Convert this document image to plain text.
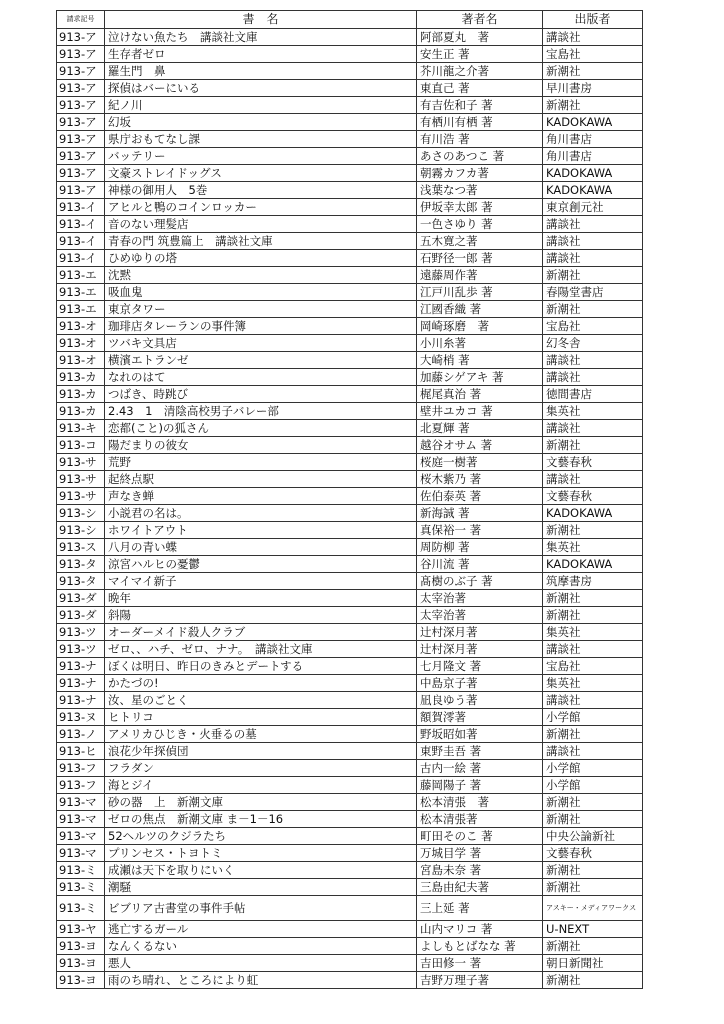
請求記号	書　名	著者名	出版者
913-ア	泣けない魚たち　講談社文庫	阿部夏丸　著	講談社
913-ア	生存者ゼロ	安生正 著	宝島社
913-ア	羅生門　鼻	芥川龍之介著	新潮社
913-ア	探偵はバーにいる	東直己 著	早川書房
913-ア	紀ノ川	有吉佐和子 著	新潮社
913-ア	幻坂	有栖川有栖 著	KADOKAWA
913-ア	県庁おもてなし課	有川浩 著	角川書店
913-ア	バッテリー	あさのあつこ 著	角川書店
913-ア	文豪ストレイドッグス	朝霧カフカ著	KADOKAWA
913-ア	神様の御用人　5巻	浅葉なつ著	KADOKAWA
913-イ	アヒルと鴨のコインロッカー	伊坂幸太郎 著	東京創元社
913-イ	音のない理髪店	一色さゆり 著	講談社
913-イ	青春の門 筑豊篇上　講談社文庫	五木寛之著	講談社
913-イ	ひめゆりの塔	石野径一郎 著	講談社
913-エ	沈黙	遠藤周作著	新潮社
913-エ	吸血鬼	江戸川乱歩 著	春陽堂書店
913-エ	東京タワー	江國香織 著	新潮社
913-オ	珈琲店タレーランの事件簿	岡崎琢磨　著	宝島社
913-オ	ツバキ文具店	小川糸著	幻冬舎
913-オ	横濱エトランゼ	大崎梢 著	講談社
913-カ	なれのはて	加藤シゲアキ 著	講談社
913-カ	つばき、時跳び	梶尾真治 著	徳間書店
913-カ	2.43　1　清陰高校男子バレー部	壁井ユカコ 著	集英社
913-キ	恋都(こと)の狐さん	北夏輝 著	講談社
913-コ	陽だまりの彼女	越谷オサム 著	新潮社
913-サ	荒野	桜庭一樹著	文藝春秋
913-サ	起終点駅	桜木紫乃 著	講談社
913-サ	声なき蝉	佐伯泰英 著	文藝春秋
913-シ	小説君の名は。	新海誠 著	KADOKAWA
913-シ	ホワイトアウト	真保裕一 著	新潮社
913-ス	八月の青い蝶	周防柳 著	集英社
913-タ	涼宮ハルヒの憂鬱	谷川流 著	KADOKAWA
913-タ	マイマイ新子	髙樹のぶ子 著	筑摩書房
913-ダ	晩年	太宰治著	新潮社
913-ダ	斜陽	太宰治著	新潮社
913-ツ	オーダーメイド殺人クラブ	辻村深月著	集英社
913-ツ	ゼロ、、ハチ、ゼロ、ナナ。　講談社文庫	辻村深月著	講談社
913-ナ	ぼくは明日、昨日のきみとデートする	七月隆文 著	宝島社
913-ナ	かたづの!	中島京子著	集英社
913-ナ	汝、星のごとく	凪良ゆう著	講談社
913-ヌ	ヒトリコ	額賀澪著	小学館
913-ノ	アメリカひじき・火垂るの墓	野坂昭如著	新潮社
913-ヒ	浪花少年探偵団	東野圭吾 著	講談社
913-フ	フラダン	古内一絵 著	小学館
913-フ	海とジイ	藤岡陽子 著	小学館
913-マ	砂の器　上　新潮文庫	松本清張　著	新潮社
913-マ	ゼロの焦点　新潮文庫 ま－1－16	松本清張著	新潮社
913-マ	52ヘルツのクジラたち	町田そのこ 著	中央公論新社
913-マ	プリンセス・トヨトミ	万城目学 著	文藝春秋
913-ミ	成瀬は天下を取りにいく	宮島未奈 著	新潮社
913-ミ	潮騒	三島由紀夫著	新潮社
913-ミ	ビブリア古書堂の事件手帖	三上延 著	アスキー・メディアワークス
913-ヤ	逃亡するガール	山内マリコ 著	U-NEXT
913-ヨ	なんくるない	よしもとばなな 著	新潮社
913-ヨ	悪人	吉田修一 著	朝日新聞社
913-ヨ	雨のち晴れ、ところにより虹	吉野万理子著	新潮社
